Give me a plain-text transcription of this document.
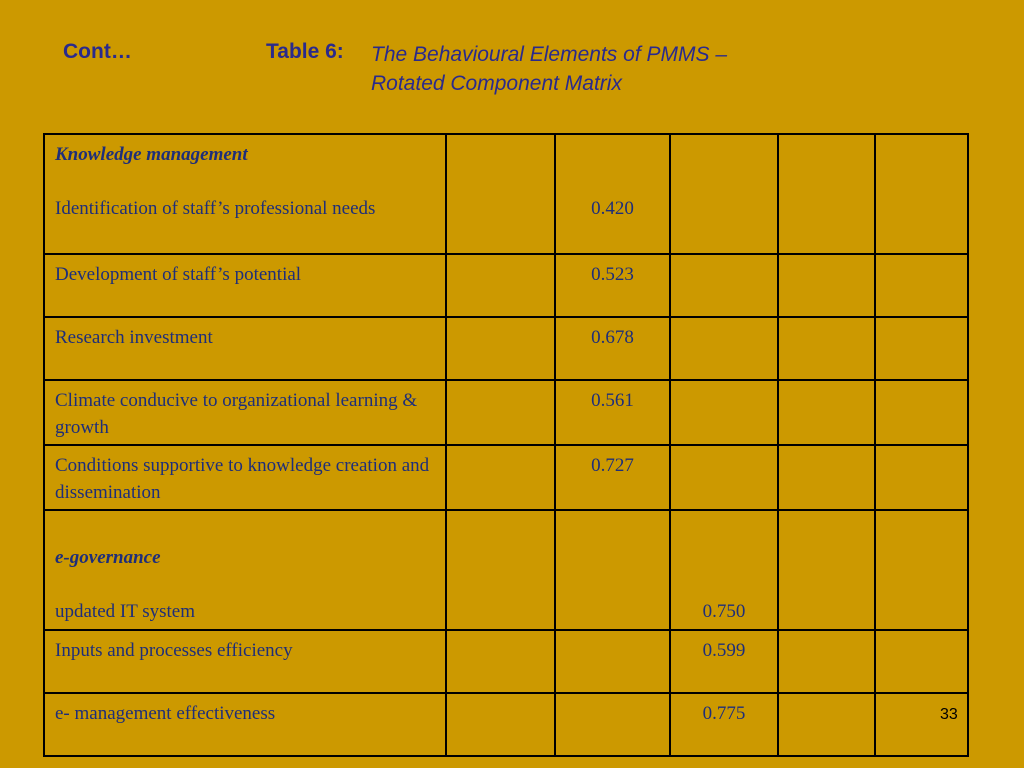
Cont…	Table 6: The Behavioural Elements of PMMS –
Rotated Component Matrix
Knowledge management
Identification of staff’s professional needs		0.420			
Development of staff’s potential		0.523			
Research investment		0.678			
Climate conducive to organizational learning & growth		0.561			
Conditions supportive to knowledge creation and dissemination		0.727			

e-governance
updated IT system			0.750		
Inputs and processes efficiency			0.599		
e- management effectiveness			0.775			33
